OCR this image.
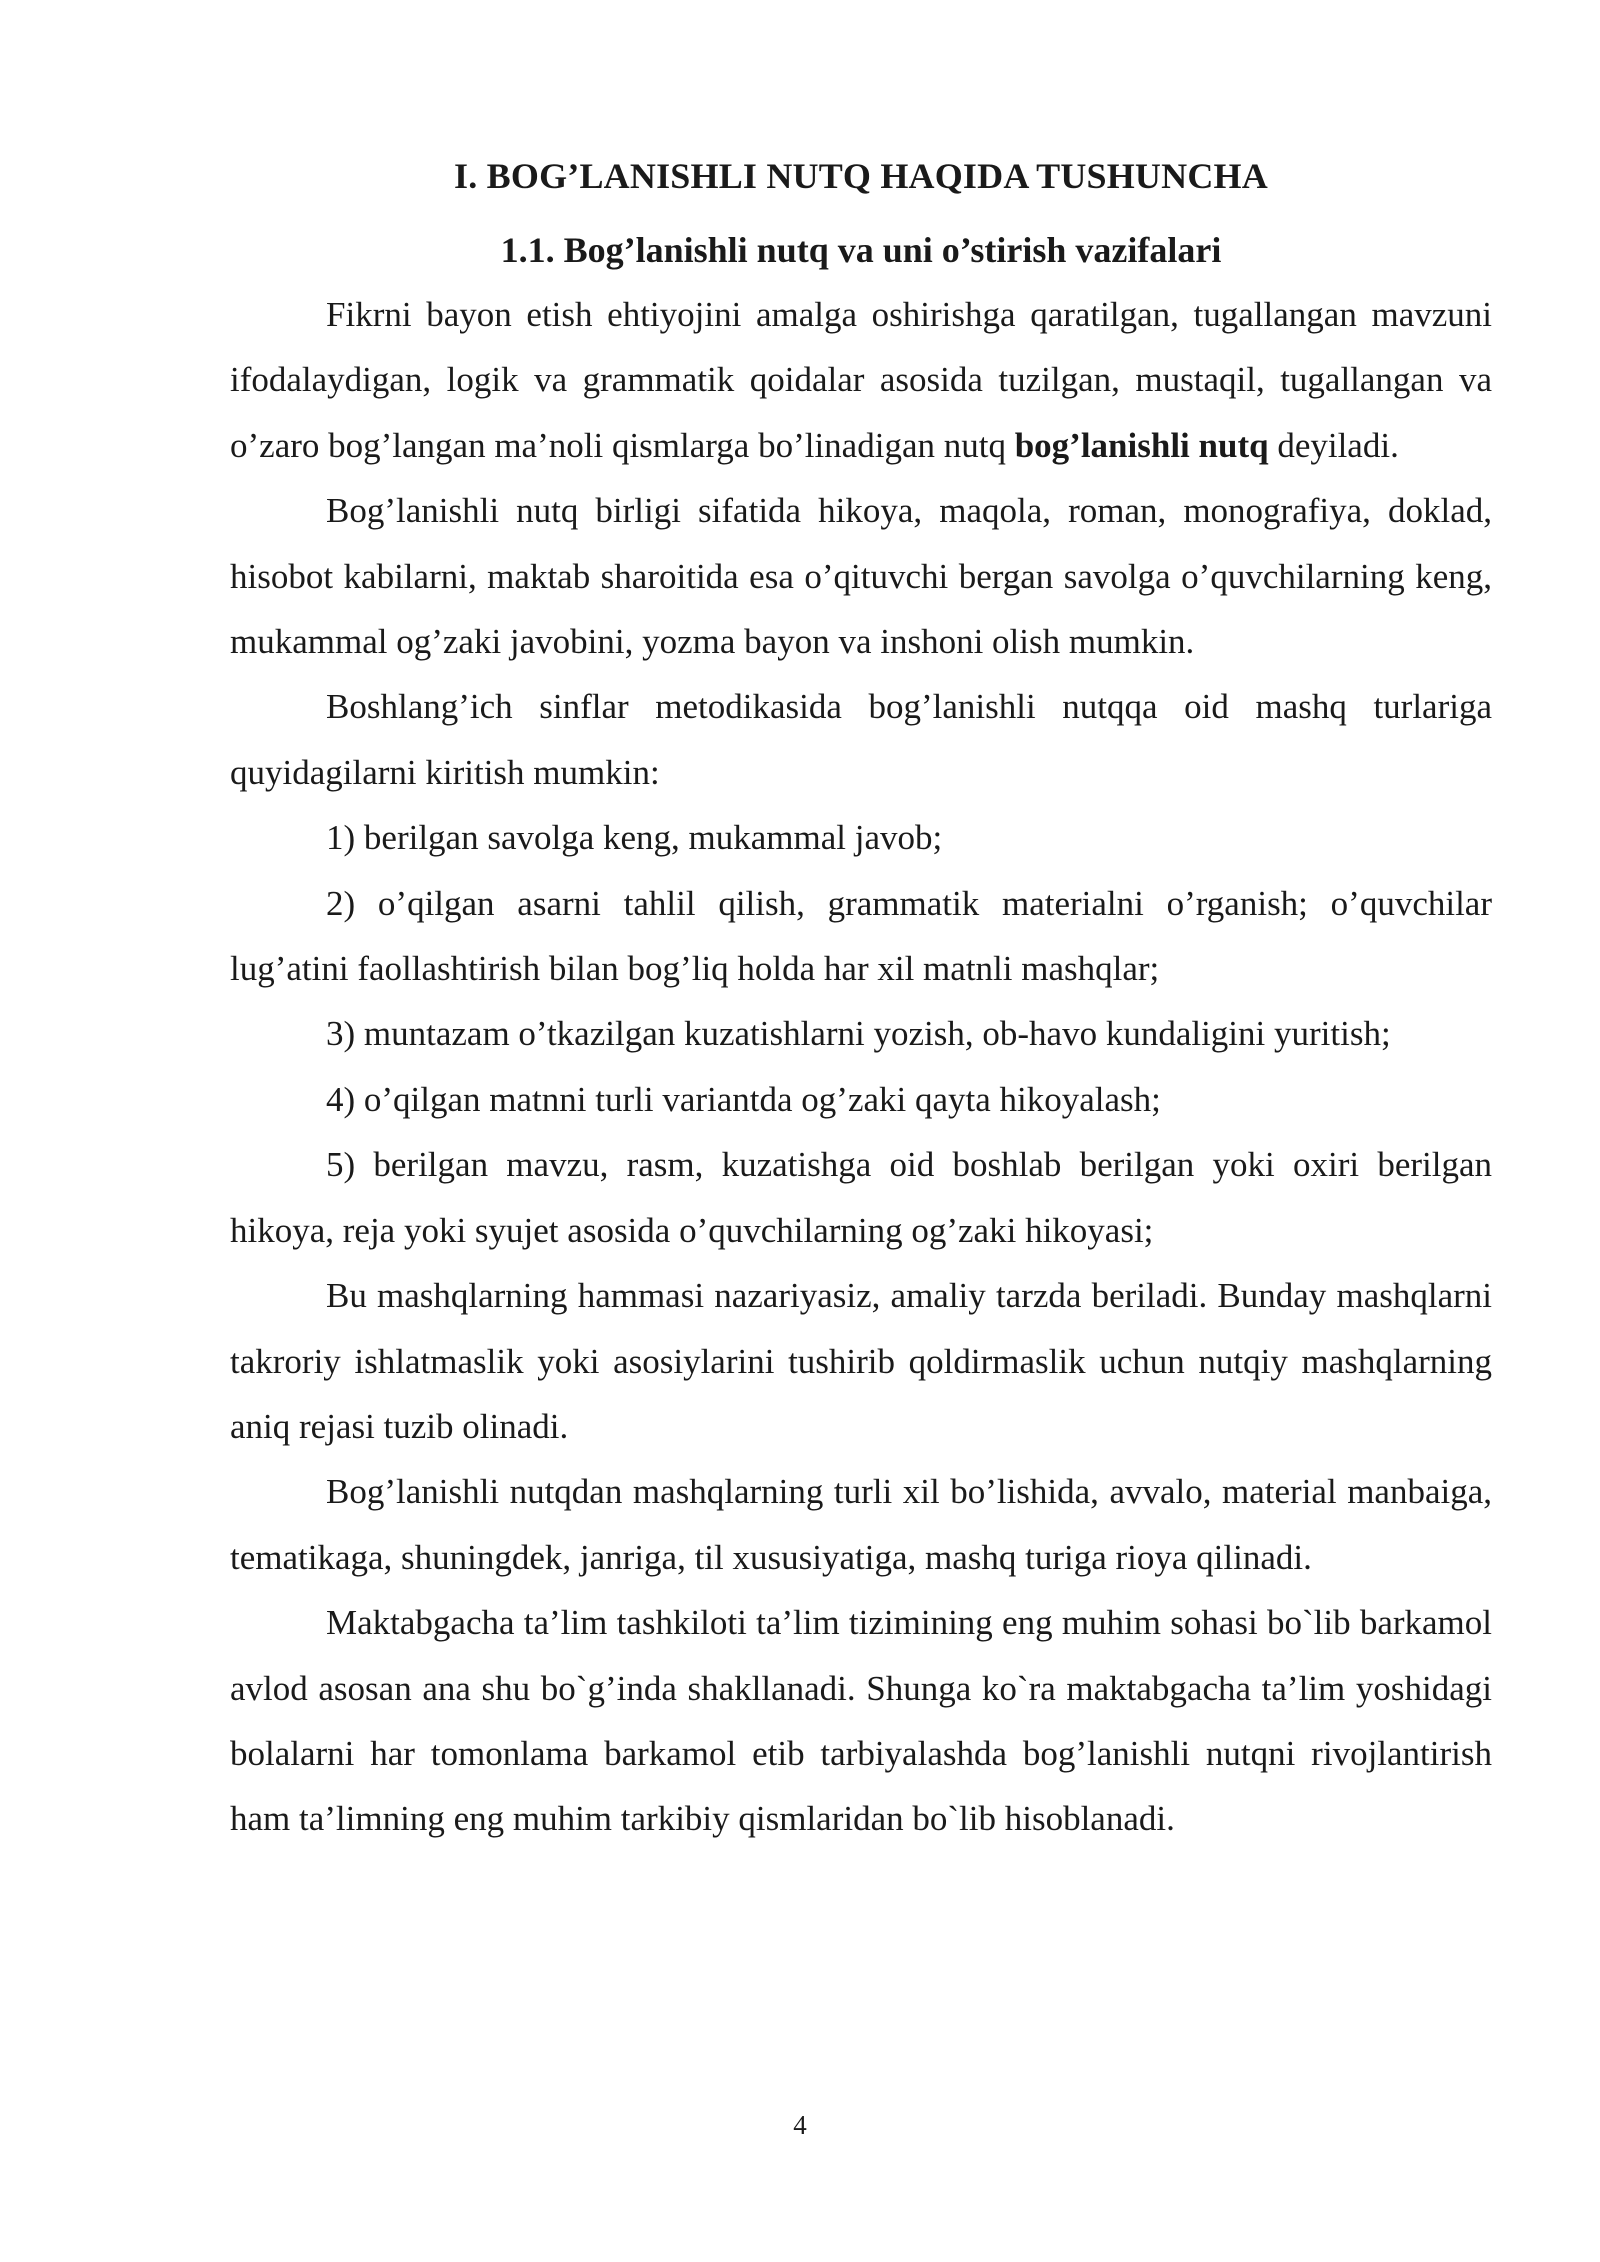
I. BOG’LANISHLI NUTQ HAQIDA TUSHUNCHA
1.1. Bog’lanishli nutq va uni o’stirish vazifalari

Fikrni bayon etish ehtiyojini amalga oshirishga qaratilgan, tugallangan mavzuni ifodalaydigan, logik va grammatik qoidalar asosida tuzilgan, mustaqil, tugallangan va o’zaro bog’langan ma’noli qismlarga bo’linadigan nutq bog’lanishli nutq deyiladi.

Bog’lanishli nutq birligi sifatida hikoya, maqola, roman, monografiya, doklad, hisobot kabilarni, maktab sharoitida esa o’qituvchi bergan savolga o’quvchilarning keng, mukammal og’zaki javobini, yozma bayon va inshoni olish mumkin.

Boshlang’ich sinflar metodikasida bog’lanishli nutqqa oid mashq turlariga quyidagilarni kiritish mumkin:

1) berilgan savolga keng, mukammal javob;

2) o’qilgan asarni tahlil qilish, grammatik materialni o’rganish; o’quvchilar lug’atini faollashtirish bilan bog’liq holda har xil matnli mashqlar;

3) muntazam o’tkazilgan kuzatishlarni yozish, ob-havo kundaligini yuritish;

4) o’qilgan matnni turli variantda og’zaki qayta hikoyalash;

5) berilgan mavzu, rasm, kuzatishga oid boshlab berilgan yoki oxiri berilgan hikoya, reja yoki syujet asosida o’quvchilarning og’zaki hikoyasi;

Bu mashqlarning hammasi nazariyasiz, amaliy tarzda beriladi. Bunday mashqlarni takroriy ishlatmaslik yoki asosiylarini tushirib qoldirmaslik uchun nutqiy mashqlarning aniq rejasi tuzib olinadi.

Bog’lanishli nutqdan mashqlarning turli xil bo’lishida, avvalo, material manbaiga, tematikaga, shuningdek, janriga, til xususiyatiga, mashq turiga rioya qilinadi.

Maktabgacha ta’lim tashkiloti ta’lim tizimining eng muhim sohasi bo`lib barkamol avlod asosan ana shu bo`g’inda shakllanadi. Shunga ko`ra maktabgacha ta’lim yoshidagi bolalarni har tomonlama barkamol etib tarbiyalashda bog’lanishli nutqni rivojlantirish ham ta’limning eng muhim tarkibiy qismlaridan bo`lib hisoblanadi.

4
